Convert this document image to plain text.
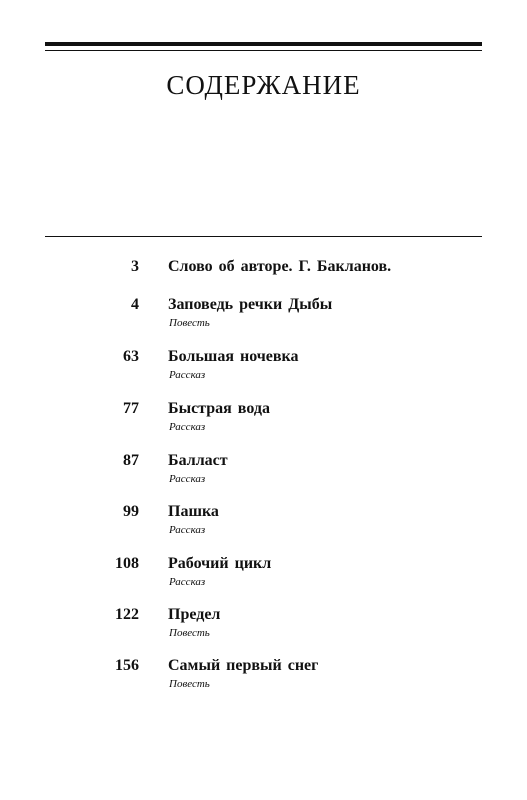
СОДЕРЖАНИЕ
3 Слово об авторе. Г. Бакланов.
4 Заповедь речки Дыбы
Повесть
63 Большая ночевка
Рассказ
77 Быстрая вода
Рассказ
87 Балласт
Рассказ
99 Пашка
Рассказ
108 Рабочий цикл
Рассказ
122 Предел
Повесть
156 Самый первый снег
Повесть
